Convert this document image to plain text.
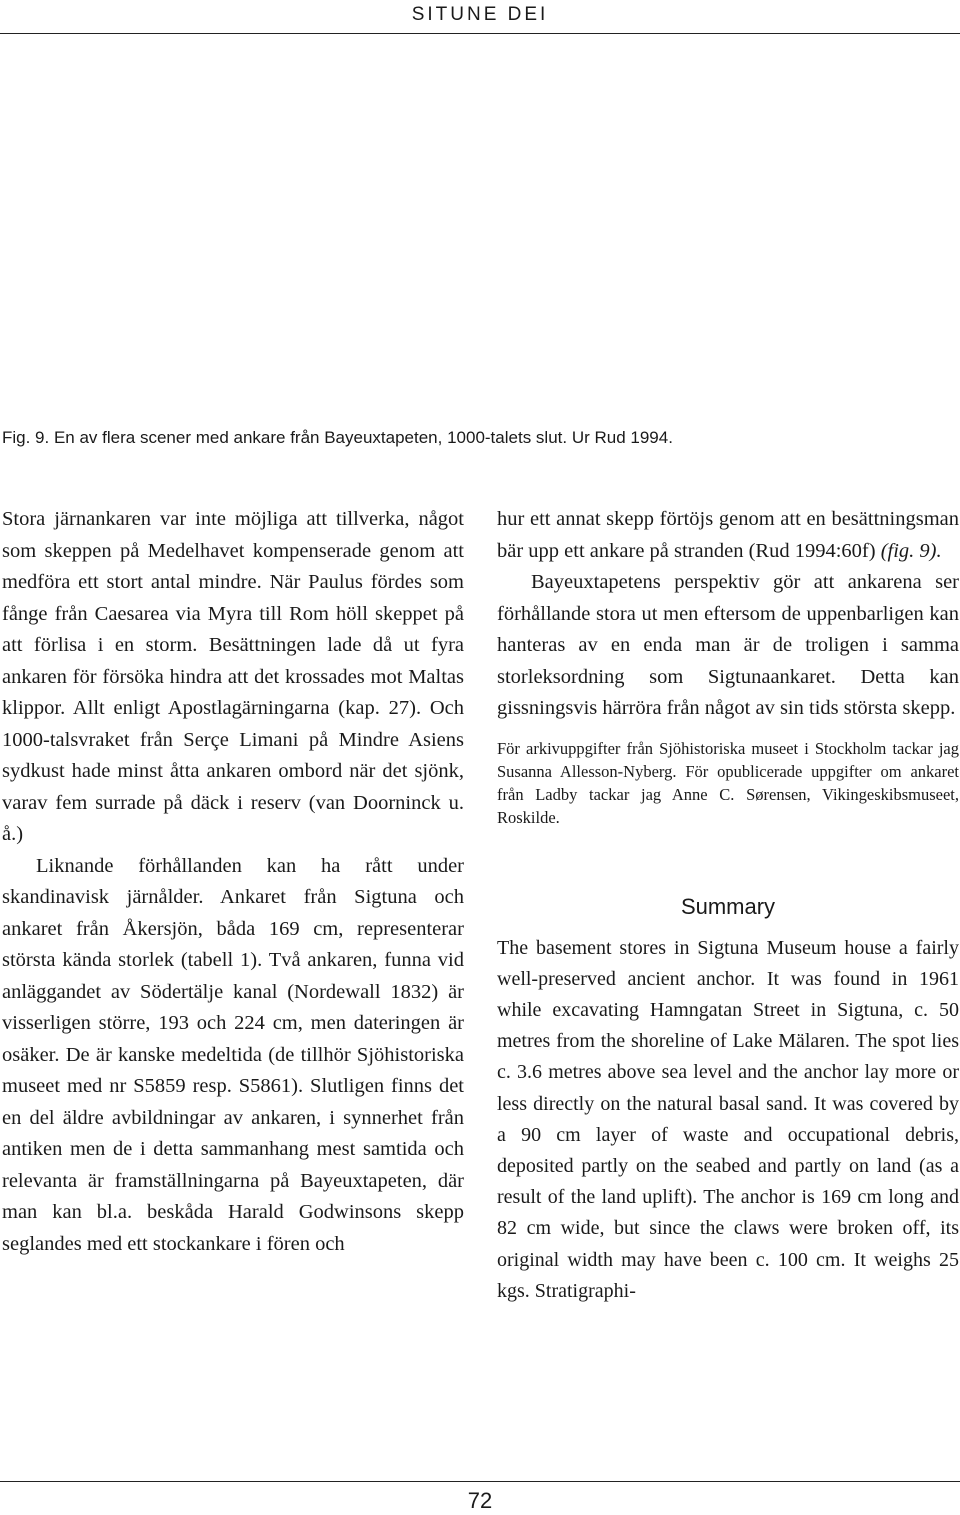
SITUNE DEI
Fig. 9. En av flera scener med ankare från Bayeuxtapeten, 1000-talets slut. Ur Rud 1994.

Stora järnankaren var inte möjliga att tillverka, något som skeppen på Medelhavet kompenserade genom att medföra ett stort antal mindre. När Paulus fördes som fånge från Caesarea via Myra till Rom höll skeppet på att förlisa i en storm. Besättningen lade då ut fyra ankaren för försöka hindra att det krossades mot Maltas klippor. Allt enligt Apostlagärningarna (kap. 27). Och 1000-talsvraket från Serçe Limani på Mindre Asiens sydkust hade minst åtta ankaren ombord när det sjönk, varav fem surrade på däck i reserv (van Doorninck u. å.)

Liknande förhållanden kan ha rått under skandinavisk järnålder. Ankaret från Sigtuna och ankaret från Åkersjön, båda 169 cm, representerar största kända storlek (tabell 1). Två ankaren, funna vid anläggandet av Södertälje kanal (Nordewall 1832) är visserligen större, 193 och 224 cm, men dateringen är osäker. De är kanske medeltida (de tillhör Sjöhistoriska museet med nr S5859 resp. S5861). Slutligen finns det en del äldre avbildningar av ankaren, i synnerhet från antiken men de i detta sammanhang mest samtida och relevanta är framställningarna på Bayeuxtapeten, där man kan bl.a. beskåda Harald Godwinsons skepp seglandes med ett stockankare i fören och

hur ett annat skepp förtöjs genom att en besättningsman bär upp ett ankare på stranden (Rud 1994:60f) (fig. 9).

Bayeuxtapetens perspektiv gör att ankarena ser förhållande stora ut men eftersom de uppenbarligen kan hanteras av en enda man är de troligen i samma storleksordning som Sigtunaankaret. Detta kan gissningsvis härröra från något av sin tids största skepp.

För arkivuppgifter från Sjöhistoriska museet i Stockholm tackar jag Susanna Allesson-Nyberg. För opublicerade uppgifter om ankaret från Ladby tackar jag Anne C. Sørensen, Vikingeskibsmuseet, Roskilde.

Summary

The basement stores in Sigtuna Museum house a fairly well-preserved ancient anchor. It was found in 1961 while excavating Hamngatan Street in Sigtuna, c. 50 metres from the shoreline of Lake Mälaren. The spot lies c. 3.6 metres above sea level and the anchor lay more or less directly on the natural basal sand. It was covered by a 90 cm layer of waste and occupational debris, deposited partly on the seabed and partly on land (as a result of the land uplift). The anchor is 169 cm long and 82 cm wide, but since the claws were broken off, its original width may have been c. 100 cm. It weighs 25 kgs. Stratigraphi-

72
